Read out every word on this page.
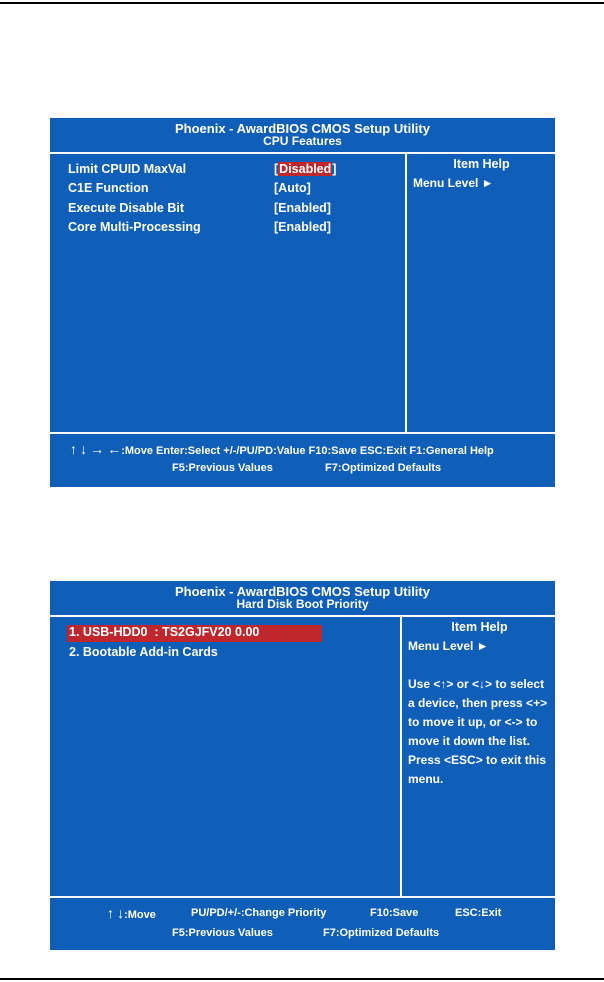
Phoenix - AwardBIOS CMOS Setup Utility
CPU Features
Limit CPUID MaxVal	[Disabled]
C1E Function	[Auto]
Execute Disable Bit	[Enabled]
Core Multi-Processing	[Enabled]
Item Help
Menu Level ►
↑ ↓ → ←:Move Enter:Select +/-/PU/PD:Value F10:Save ESC:Exit F1:General Help
F5:Previous Values	F7:Optimized Defaults
Phoenix - AwardBIOS CMOS Setup Utility
Hard Disk Boot Priority
1. USB-HDD0  : TS2GJFV20 0.00
2. Bootable Add-in Cards
Item Help
Menu Level ►
Use <↑> or <↓> to select
a device, then press <+>
to move it up, or <-> to
move it down the list.
Press <ESC> to exit this
menu.
↑ ↓:Move	PU/PD/+/-:Change Priority	F10:Save	ESC:Exit
F5:Previous Values	F7:Optimized Defaults
